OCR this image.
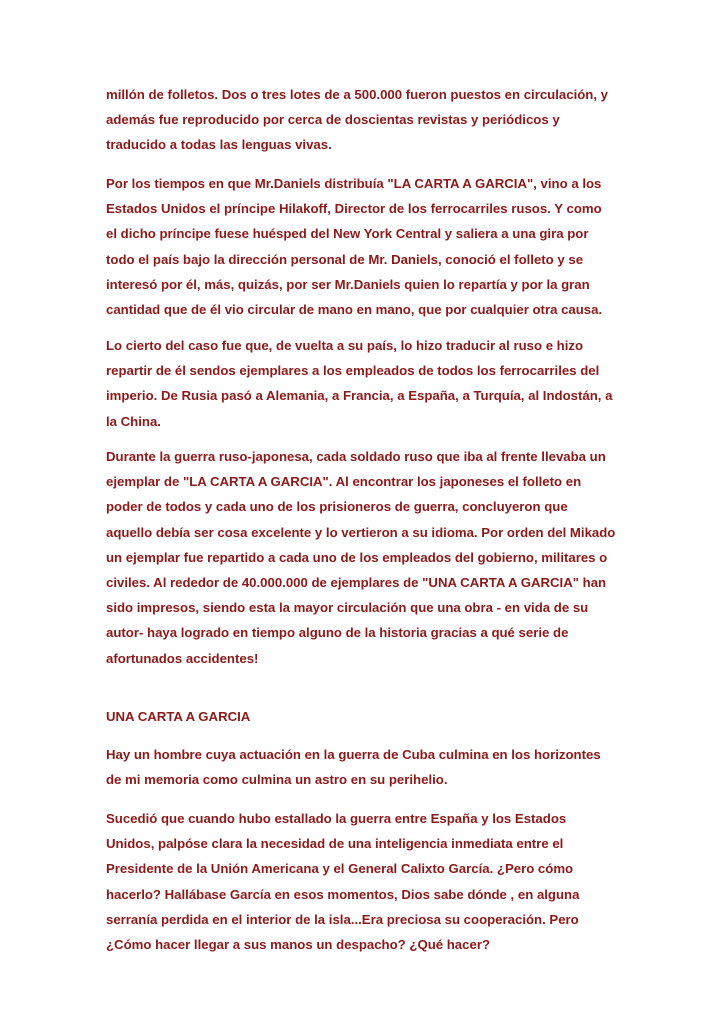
millón de folletos. Dos o tres lotes de a 500.000 fueron puestos en circulación, y
además fue reproducido por cerca de doscientas revistas y periódicos y
traducido a todas las lenguas vivas.
Por los tiempos en que Mr.Daniels distribuía "LA CARTA A GARCIA", vino a los
Estados Unidos el príncipe Hilakoff, Director de los ferrocarriles rusos. Y como
el dicho príncipe fuese huésped del New York Central y saliera a una gira por
todo el país bajo la dirección personal de Mr. Daniels, conoció el folleto y se
interesó por él, más, quizás, por ser Mr.Daniels quien lo repartía y por la gran
cantidad que de él vio circular de mano en mano, que por cualquier otra causa.
Lo cierto del caso fue que, de vuelta a su país, lo hizo traducir al ruso e hizo
repartir de él sendos ejemplares a los empleados de todos los ferrocarriles del
imperio. De Rusia pasó a Alemania, a Francia, a España, a Turquía, al Indostán, a
la China.
Durante la guerra ruso-japonesa, cada soldado ruso que iba al frente llevaba un
ejemplar de "LA CARTA A GARCIA". Al encontrar los japoneses el folleto en
poder de todos y cada uno de los prisioneros de guerra, concluyeron que
aquello debía ser cosa excelente y lo vertieron a su idioma. Por orden del Mikado
un ejemplar fue repartido a cada uno de los empleados del gobierno, militares o
civiles. Al rededor de 40.000.000 de ejemplares de "UNA CARTA A GARCIA" han
sido impresos, siendo esta la mayor circulación que una obra - en vida de su
autor- haya logrado en tiempo alguno de la historia gracias a qué serie de
afortunados accidentes!
UNA CARTA A GARCIA
Hay un hombre cuya actuación en la guerra de Cuba culmina en los horizontes
de mi memoria como culmina un astro en su perihelio.
Sucedió que cuando hubo estallado la guerra entre España y los Estados
Unidos, palpóse clara la necesidad de una inteligencia inmediata entre el
Presidente de la Unión Americana y el General Calixto García. ¿Pero cómo
hacerlo? Hallábase García en esos momentos, Dios sabe dónde , en alguna
serranía perdida en el interior de la isla...Era preciosa su cooperación. Pero
¿Cómo hacer llegar a sus manos un despacho? ¿Qué hacer?
